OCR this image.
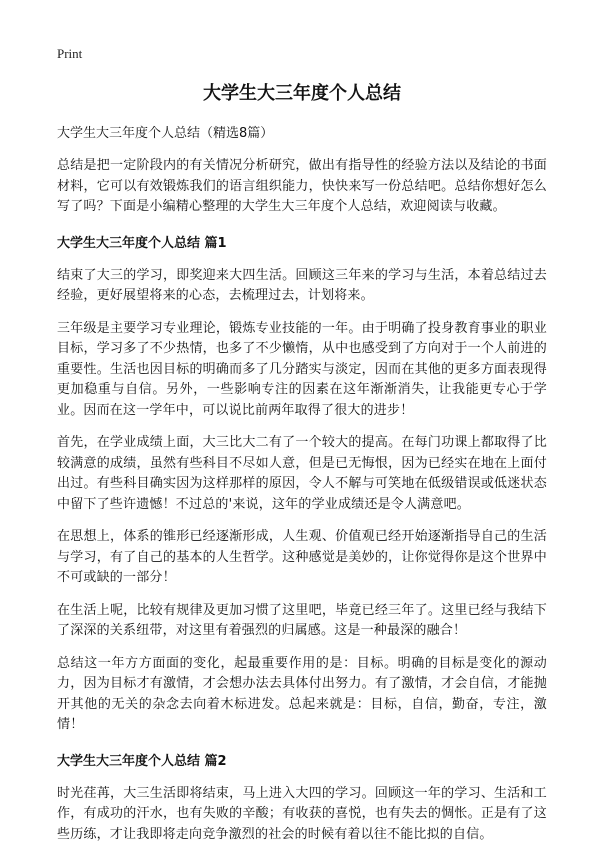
Print
大学生大三年度个人总结
大学生大三年度个人总结（精选8篇）

总结是把一定阶段内的有关情况分析研究，做出有指导性的经验方法以及结论的书面材料，它可以有效锻炼我们的语言组织能力，快快来写一份总结吧。总结你想好怎么写了吗？下面是小编精心整理的大学生大三年度个人总结，欢迎阅读与收藏。

大学生大三年度个人总结 篇1

结束了大三的学习，即奖迎来大四生活。回顾这三年来的学习与生活，本着总结过去经验，更好展望将来的心态，去梳理过去，计划将来。

三年级是主要学习专业理论，锻炼专业技能的一年。由于明确了投身教育事业的职业目标，学习多了不少热情，也多了不少懒惰，从中也感受到了方向对于一个人前进的重要性。生活也因目标的明确而多了几分踏实与淡定，因而在其他的更多方面表现得更加稳重与自信。另外，一些影响专注的因素在这年渐渐消失，让我能更专心于学业。因而在这一学年中，可以说比前两年取得了很大的进步！

首先，在学业成绩上面，大三比大二有了一个较大的提高。在每门功课上都取得了比较满意的成绩，虽然有些科目不尽如人意，但是已无悔恨，因为已经实在地在上面付出过。有些科目确实因为这样那样的原因，令人不解与可笑地在低级错误或低迷状态中留下了些许遗憾！不过总的'来说，这年的学业成绩还是令人满意吧。

在思想上，体系的锥形已经逐渐形成，人生观、价值观已经开始逐渐指导自己的生活与学习，有了自己的基本的人生哲学。这种感觉是美妙的，让你觉得你是这个世界中不可或缺的一部分！

在生活上呢，比较有规律及更加习惯了这里吧，毕竟已经三年了。这里已经与我结下了深深的关系纽带，对这里有着强烈的归属感。这是一种最深的融合！

总结这一年方方面面的变化，起最重要作用的是：目标。明确的目标是变化的源动力，因为目标才有激情，才会想办法去具体付出努力。有了激情，才会自信，才能抛开其他的无关的杂念去向着木标进发。总起来就是：目标，自信，勤奋，专注，激情！

大学生大三年度个人总结 篇2

时光荏苒，大三生活即将结束，马上进入大四的学习。回顾这一年的学习、生活和工作，有成功的汗水，也有失败的辛酸；有收获的喜悦，也有失去的惆怅。正是有了这些历练，才让我即将走向竞争激烈的社会的时候有着以往不能比拟的自信。
